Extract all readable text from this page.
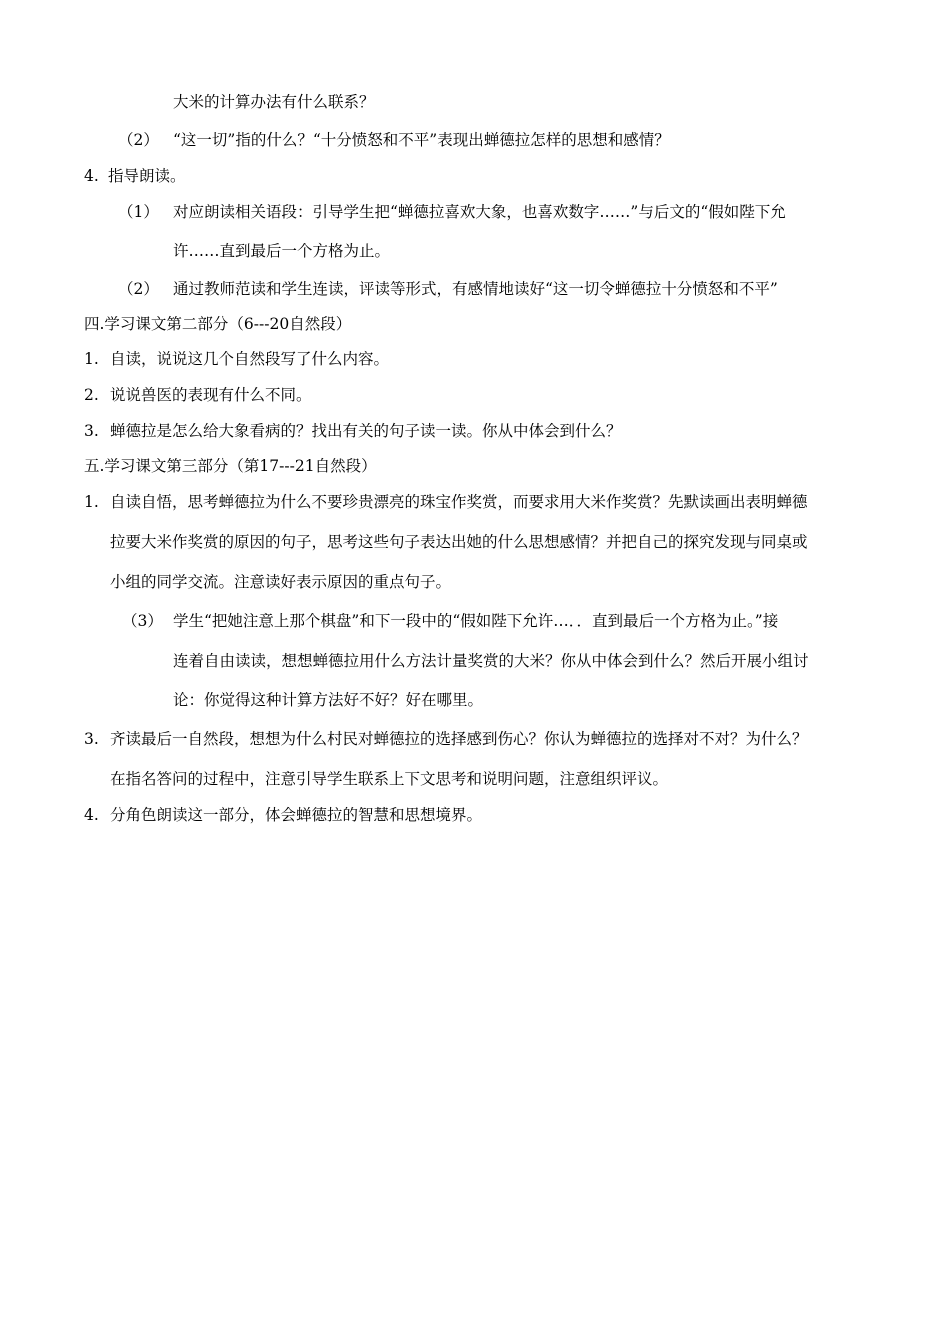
大米的计算办法有什么联系？
（2） “这一切”指的什么？“十分愤怒和不平”表现出蝉德拉怎样的思想和感情？
4. 指导朗读。
（1） 对应朗读相关语段：引导学生把“蝉德拉喜欢大象，也喜欢数字……”与后文的“假如陛下允
许……直到最后一个方格为止。
（2） 通过教师范读和学生连读，评读等形式，有感情地读好“这一切令蝉德拉十分愤怒和不平”
四.学习课文第二部分（6---20自然段）
1. 自读，说说这几个自然段写了什么内容。
2. 说说兽医的表现有什么不同。
3. 蝉德拉是怎么给大象看病的？找出有关的句子读一读。你从中体会到什么？
五.学习课文第三部分（第17---21自然段）
1. 自读自悟，思考蝉德拉为什么不要珍贵漂亮的珠宝作奖赏，而要求用大米作奖赏？先默读画出表明蝉德
拉要大米作奖赏的原因的句子，思考这些句子表达出她的什么思想感情？并把自己的探究发现与同桌或
小组的同学交流。注意读好表示原因的重点句子。
（3） 学生“把她注意上那个棋盘”和下一段中的“假如陛下允许…．．直到最后一个方格为止。”接
连着自由读读，想想蝉德拉用什么方法计量奖赏的大米？你从中体会到什么？然后开展小组讨
论：你觉得这种计算方法好不好？好在哪里。
3. 齐读最后一自然段，想想为什么村民对蝉德拉的选择感到伤心？你认为蝉德拉的选择对不对？为什么？
在指名答问的过程中，注意引导学生联系上下文思考和说明问题，注意组织评议。
4. 分角色朗读这一部分，体会蝉德拉的智慧和思想境界。
